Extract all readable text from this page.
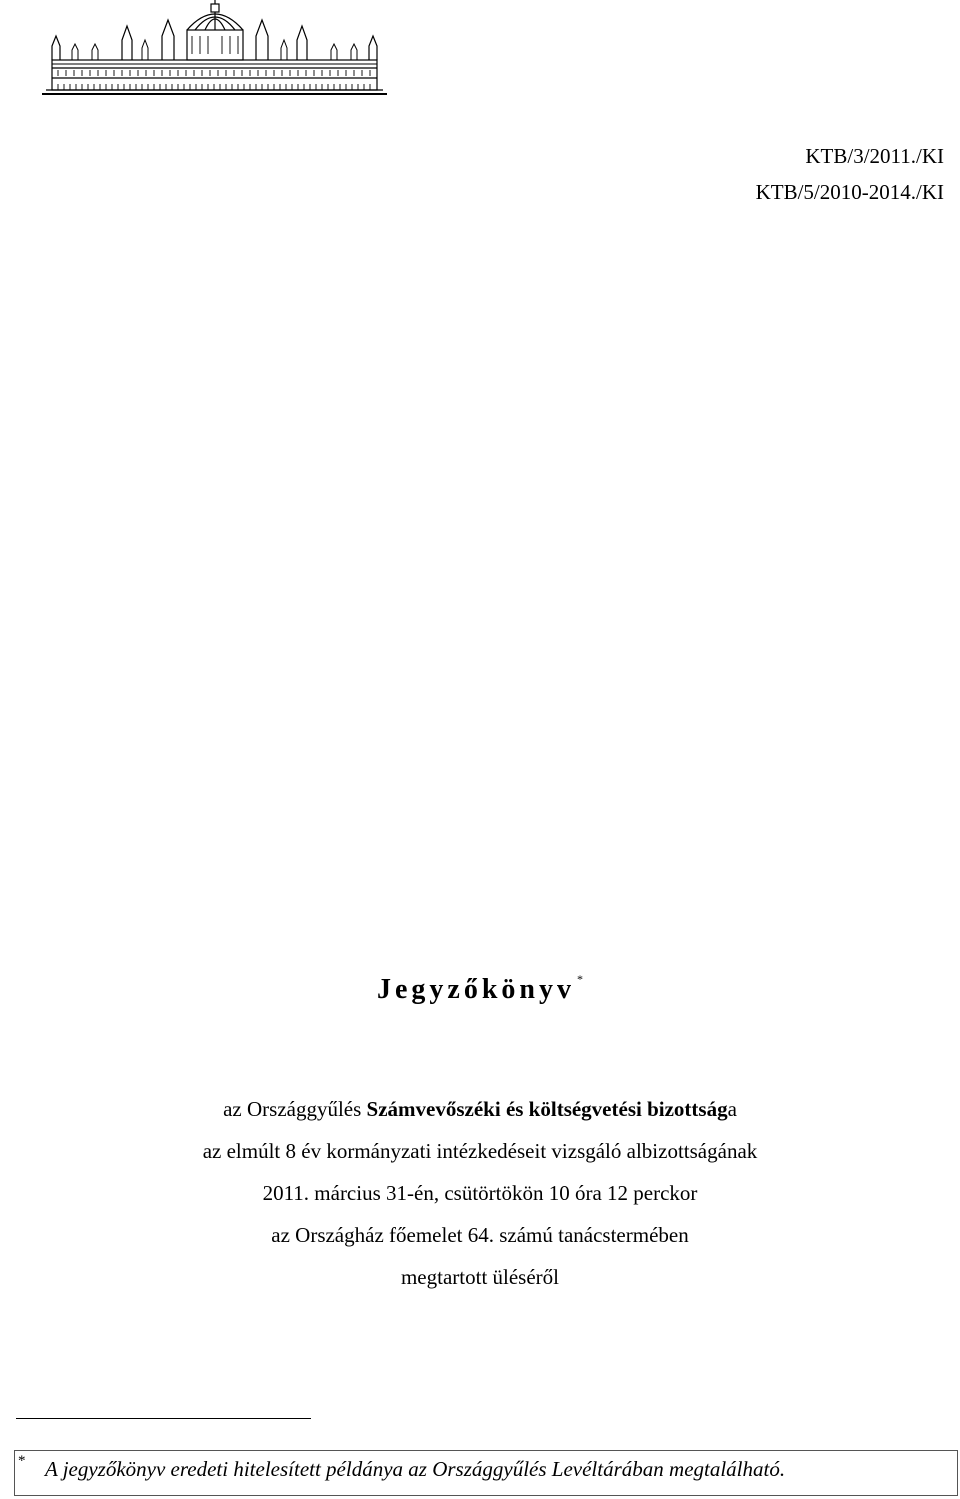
KTB/3/2011./KI
KTB/5/2010-2014./KI
Jegyzőkönyv *
az Országgyűlés Számvevőszéki és költségvetési bizottsága
az elmúlt 8 év kormányzati intézkedéseit vizsgáló albizottságának
2011. március 31-én, csütörtökön 10 óra 12 perckor
az Országház főemelet 64. számú tanácstermében
megtartott üléséről
* A jegyzőkönyv eredeti hitelesített példánya az Országgyűlés Levéltárában megtalálható.
